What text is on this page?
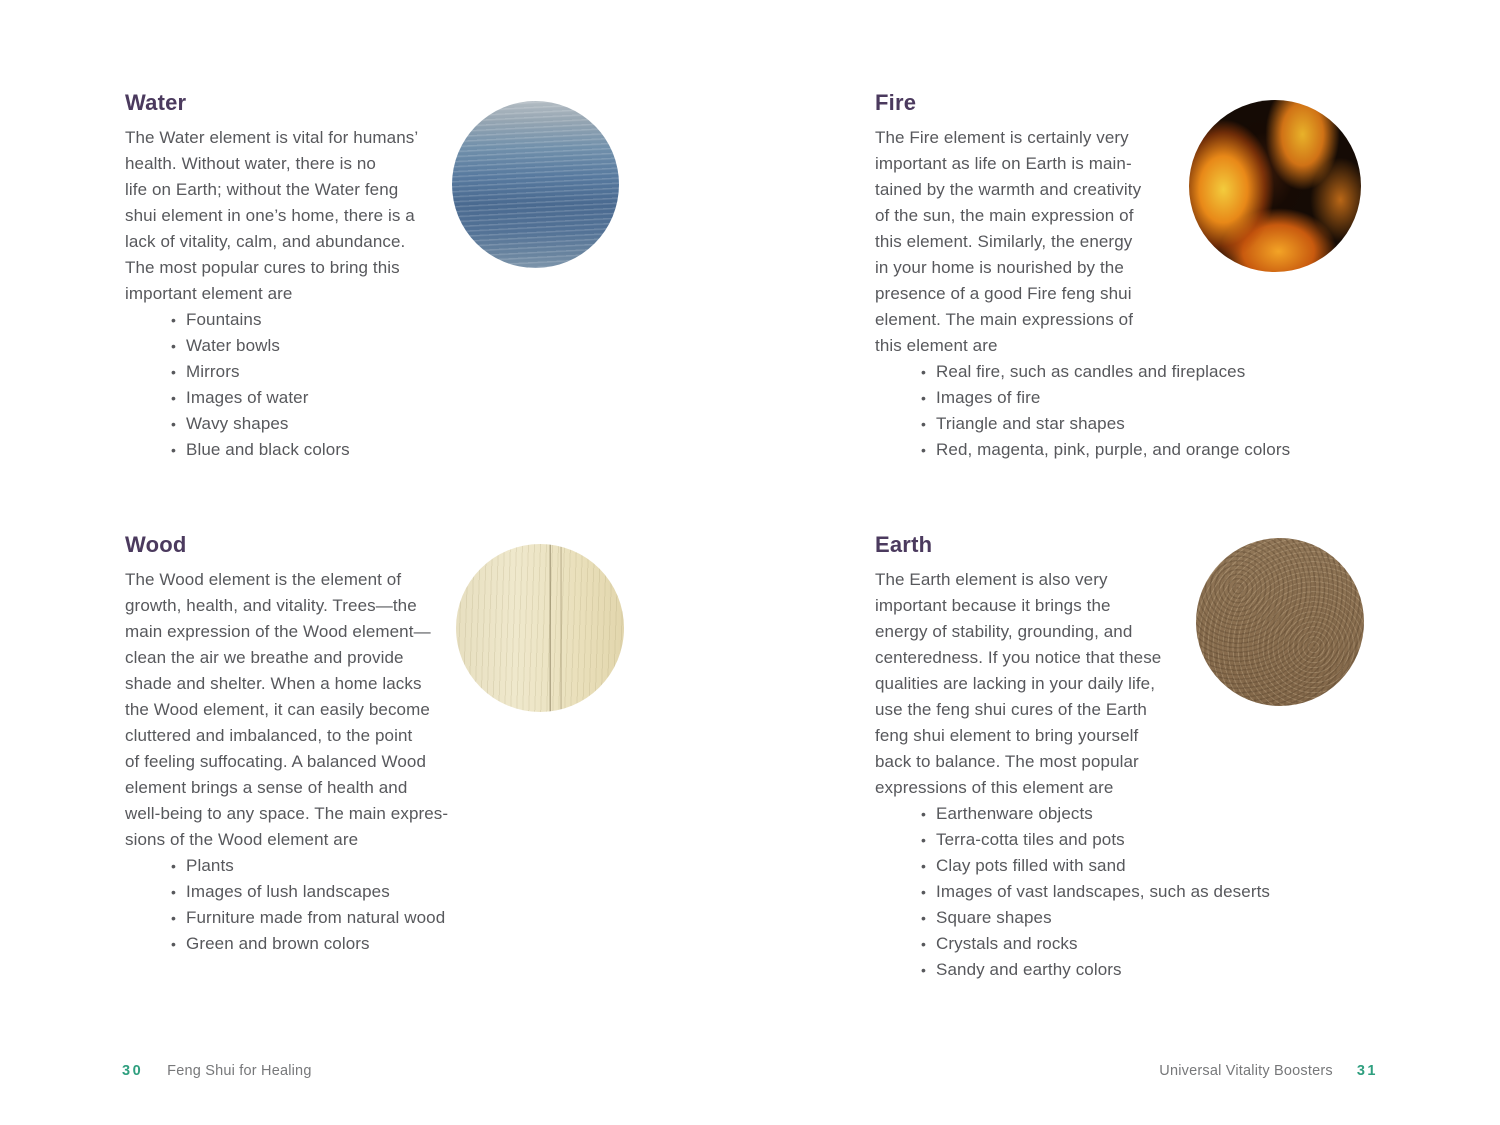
Water
The Water element is vital for humans’
health. Without water, there is no
life on Earth; without the Water feng
shui element in one’s home, there is a
lack of vitality, calm, and abundance.
The most popular cures to bring this
important element are
• Fountains
• Water bowls
• Mirrors
• Images of water
• Wavy shapes
• Blue and black colors
Fire
The Fire element is certainly very
important as life on Earth is main-
tained by the warmth and creativity
of the sun, the main expression of
this element. Similarly, the energy
in your home is nourished by the
presence of a good Fire feng shui
element. The main expressions of
this element are
• Real fire, such as candles and fireplaces
• Images of fire
• Triangle and star shapes
• Red, magenta, pink, purple, and orange colors
Wood
The Wood element is the element of
growth, health, and vitality. Trees—the
main expression of the Wood element—
clean the air we breathe and provide
shade and shelter. When a home lacks
the Wood element, it can easily become
cluttered and imbalanced, to the point
of feeling suffocating. A balanced Wood
element brings a sense of health and
well-being to any space. The main expres-
sions of the Wood element are
• Plants
• Images of lush landscapes
• Furniture made from natural wood
• Green and brown colors
Earth
The Earth element is also very
important because it brings the
energy of stability, grounding, and
centeredness. If you notice that these
qualities are lacking in your daily life,
use the feng shui cures of the Earth
feng shui element to bring yourself
back to balance. The most popular
expressions of this element are
• Earthenware objects
• Terra-cotta tiles and pots
• Clay pots filled with sand
• Images of vast landscapes, such as deserts
• Square shapes
• Crystals and rocks
• Sandy and earthy colors
30 Feng Shui for Healing	Universal Vitality Boosters 31
